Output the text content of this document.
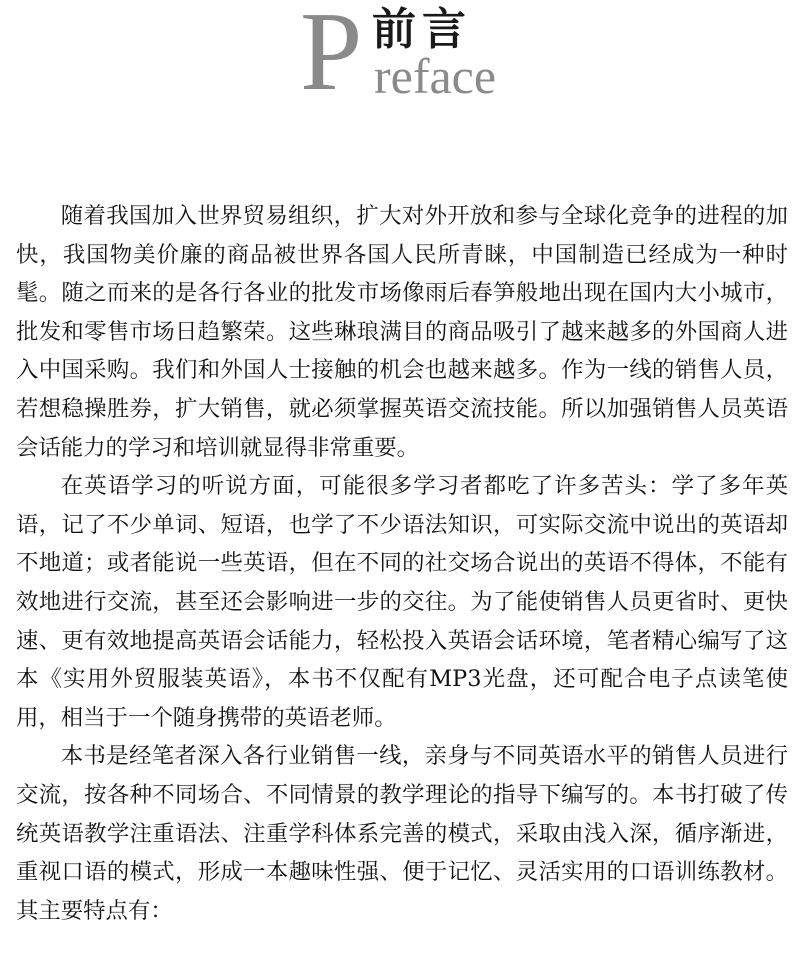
P 前言
reface

随着我国加入世界贸易组织，扩大对外开放和参与全球化竞争的进程的加快，我国物美价廉的商品被世界各国人民所青睐，中国制造已经成为一种时髦。随之而来的是各行各业的批发市场像雨后春笋般地出现在国内大小城市，批发和零售市场日趋繁荣。这些琳琅满目的商品吸引了越来越多的外国商人进入中国采购。我们和外国人士接触的机会也越来越多。作为一线的销售人员，若想稳操胜券，扩大销售，就必须掌握英语交流技能。所以加强销售人员英语会话能力的学习和培训就显得非常重要。

在英语学习的听说方面，可能很多学习者都吃了许多苦头：学了多年英语，记了不少单词、短语，也学了不少语法知识，可实际交流中说出的英语却不地道；或者能说一些英语，但在不同的社交场合说出的英语不得体，不能有效地进行交流，甚至还会影响进一步的交往。为了能使销售人员更省时、更快速、更有效地提高英语会话能力，轻松投入英语会话环境，笔者精心编写了这本《实用外贸服装英语》，本书不仅配有MP3光盘，还可配合电子点读笔使用，相当于一个随身携带的英语老师。

本书是经笔者深入各行业销售一线，亲身与不同英语水平的销售人员进行交流，按各种不同场合、不同情景的教学理论的指导下编写的。本书打破了传统英语教学注重语法、注重学科体系完善的模式，采取由浅入深，循序渐进，重视口语的模式，形成一本趣味性强、便于记忆、灵活实用的口语训练教材。其主要特点有：
